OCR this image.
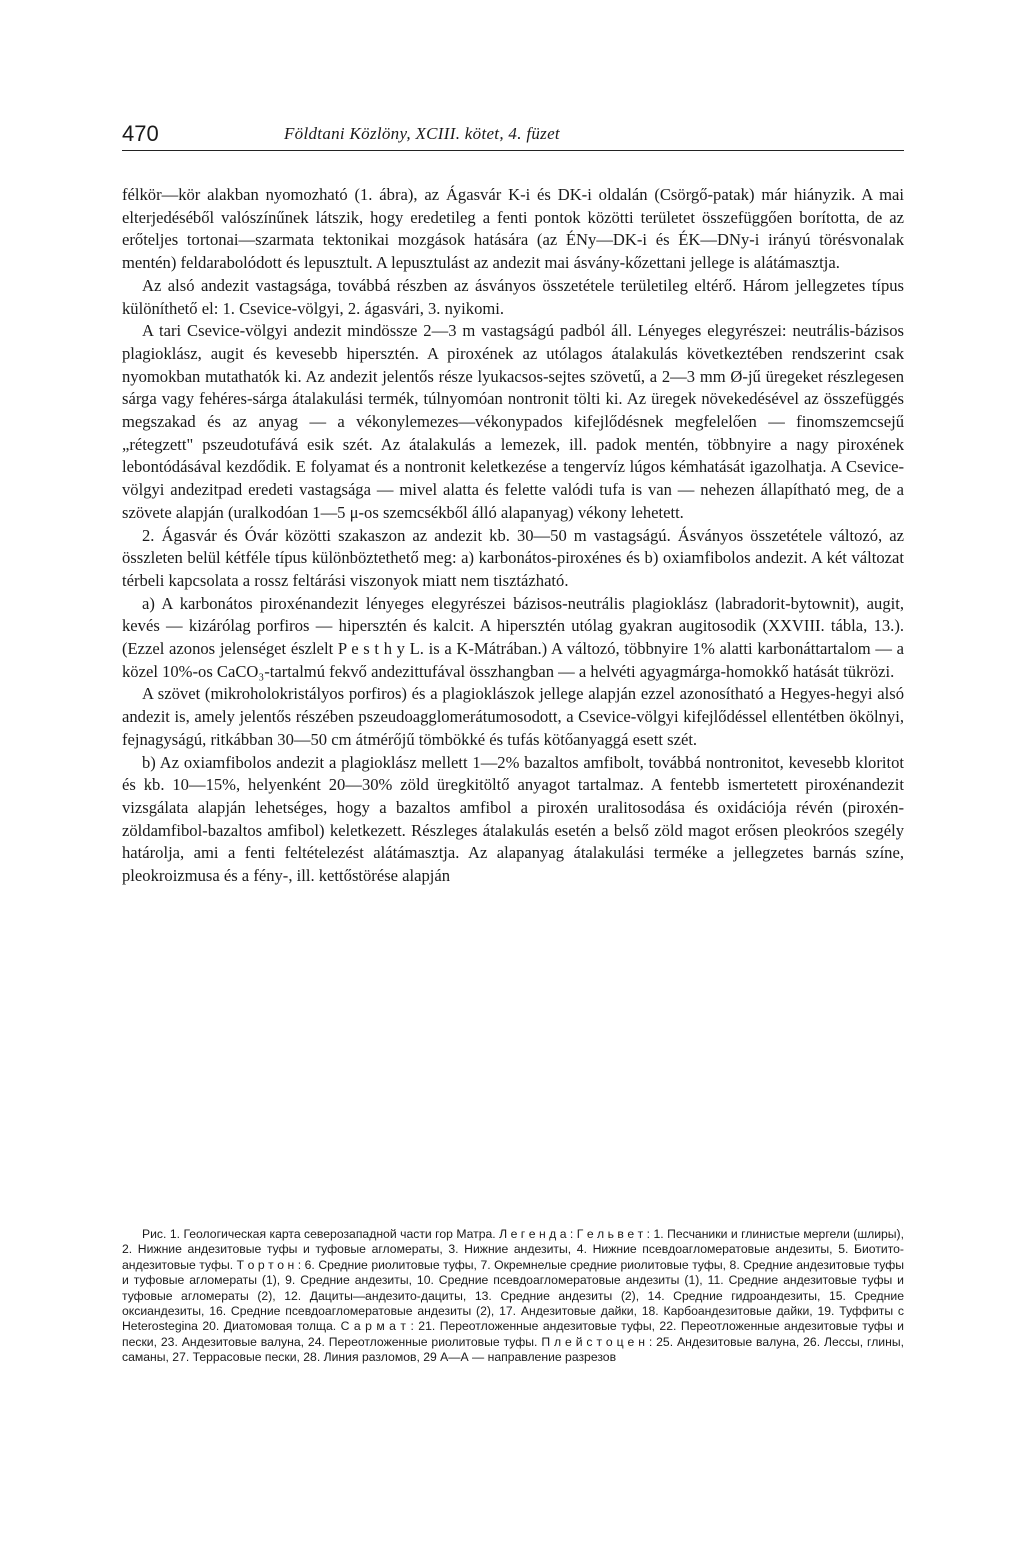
470	Földtani Közlöny, XCIII. kötet, 4. füzet

félkör—kör alakban nyomozható (1. ábra), az Ágasvár K-i és DK-i oldalán (Csörgő-patak) már hiányzik. A mai elterjedéséből valószínűnek látszik, hogy eredetileg a fenti pontok közötti területet összefüggően borította, de az erőteljes tortonai—szarmata tektonikai mozgások hatására (az ÉNy—DK-i és ÉK—DNy-i irányú törésvonalak mentén) feldarabolódott és lepusztult. A lepusztulást az andezit mai ásvány-kőzettani jellege is alátámasztja.

Az alsó andezit vastagsága, továbbá részben az ásványos összetétele területileg eltérő. Három jellegzetes típus különíthető el: 1. Csevice-völgyi, 2. ágasvári, 3. nyikomi.

A tari Csevice-völgyi andezit mindössze 2—3 m vastagságú padból áll. Lényeges elegyrészei: neutrális-bázisos plagioklász, augit és kevesebb hipersztén. A piroxének az utólagos átalakulás következtében rendszerint csak nyomokban mutathatók ki. Az andezit jelentős része lyukacsos-sejtes szövetű, a 2—3 mm Ø-jű üregeket részlegesen sárga vagy fehéres-sárga átalakulási termék, túlnyomóan nontronit tölti ki. Az üregek növekedésével az összefüggés megszakad és az anyag — a vékonylemezes—vékonypados kifejlődésnek megfelelően — finomszemcsejű „rétegzett" pszeudotufává esik szét. Az átalakulás a lemezek, ill. padok mentén, többnyire a nagy piroxének lebontódásával kezdődik. E folyamat és a nontronit keletkezése a tengervíz lúgos kémhatását igazolhatja. A Csevice-völgyi andezitpad eredeti vastagsága — mivel alatta és felette valódi tufa is van — nehezen állapítható meg, de a szövete alapján (uralkodóan 1—5 μ-os szemcsékből álló alapanyag) vékony lehetett.

2. Ágasvár és Óvár közötti szakaszon az andezit kb. 30—50 m vastagságú. Ásványos összetétele változó, az összleten belül kétféle típus különböztethető meg: a) karbonátos-piroxénes és b) oxiamfibolos andezit. A két változat térbeli kapcsolata a rossz feltárási viszonyok miatt nem tisztázható.

a) A karbonátos piroxénandezit lényeges elegyrészei bázisos-neutrális plagioklász (labradorit-bytownit), augit, kevés — kizárólag porfiros — hipersztén és kalcit. A hipersztén utólag gyakran augitosodik (XXVIII. tábla, 13.). (Ezzel azonos jelenséget észlelt P e s t h y L. is a K-Mátrában.) A változó, többnyire 1% alatti karbonáttartalom — a közel 10%-os CaCO₃-tartalmú fekvő andezittufával összhangban — a helvéti agyagmárga-homokkő hatását tükrözi.

A szövet (mikroholokristályos porfiros) és a plagioklászok jellege alapján ezzel azonosítható a Hegyes-hegyi alsó andezit is, amely jelentős részében pszeudoagglomerátumosodott, a Csevice-völgyi kifejlődéssel ellentétben ökölnyi, fejnagyságú, ritkábban 30—50 cm átmérőjű tömbökké és tufás kötőanyaggá esett szét.

b) Az oxiamfibolos andezit a plagioklász mellett 1—2% bazaltos amfibolt, továbbá nontronitot, kevesebb kloritot és kb. 10—15%, helyenként 20—30% zöld üregkitöltő anyagot tartalmaz. A fentebb ismertetett piroxénandezit vizsgálata alapján lehetséges, hogy a bazaltos amfibol a piroxén uralitosodása és oxidációja révén (piroxén-zöldamfibol-bazaltos amfibol) keletkezett. Részleges átalakulás esetén a belső zöld magot erősen pleokróos szegély határolja, ami a fenti feltételezést alátámasztja. Az alapanyag átalakulási terméke a jellegzetes barnás színe, pleokroizmusa és a fény-, ill. kettőstörése alapján

Рис. 1. Геологическая карта северозападной части гор Матра. Л е г е н д а : Г е л ь в е т : 1. Песчаники и глинистые мергели (шлиры), 2. Нижние андезитовые туфы и туфовые агломераты, 3. Нижние андезиты, 4. Нижние псевдоагломератовые андезиты, 5. Биотито-андезитовые туфы. Т о р т о н : 6. Средние риолитовые туфы, 7. Окремнелые средние риолитовые туфы, 8. Средние андезитовые туфы и туфовые агломераты (1), 9. Средние андезиты, 10. Средние псевдоагломератовые андезиты (1), 11. Средние андезитовые туфы и туфовые агломераты (2), 12. Дациты—андезито-дациты, 13. Средние андезиты (2), 14. Средние гидроандезиты, 15. Средние оксиандезиты, 16. Средние псевдоагломератовые андезиты (2), 17. Андезитовые дайки, 18. Карбоандезитовые дайки, 19. Туффиты с Heterostegina 20. Диатомовая толща. С а р м а т : 21. Переотложенные андезитовые туфы, 22. Переотложенные андезитовые туфы и пески, 23. Андезитовые валуна, 24. Переотложенные риолитовые туфы. П л е й с т о ц е н : 25. Андезитовые валуна, 26. Лессы, глины, саманы, 27. Террасовые пески, 28. Линия разломов, 29 А—А — направление разрезов
